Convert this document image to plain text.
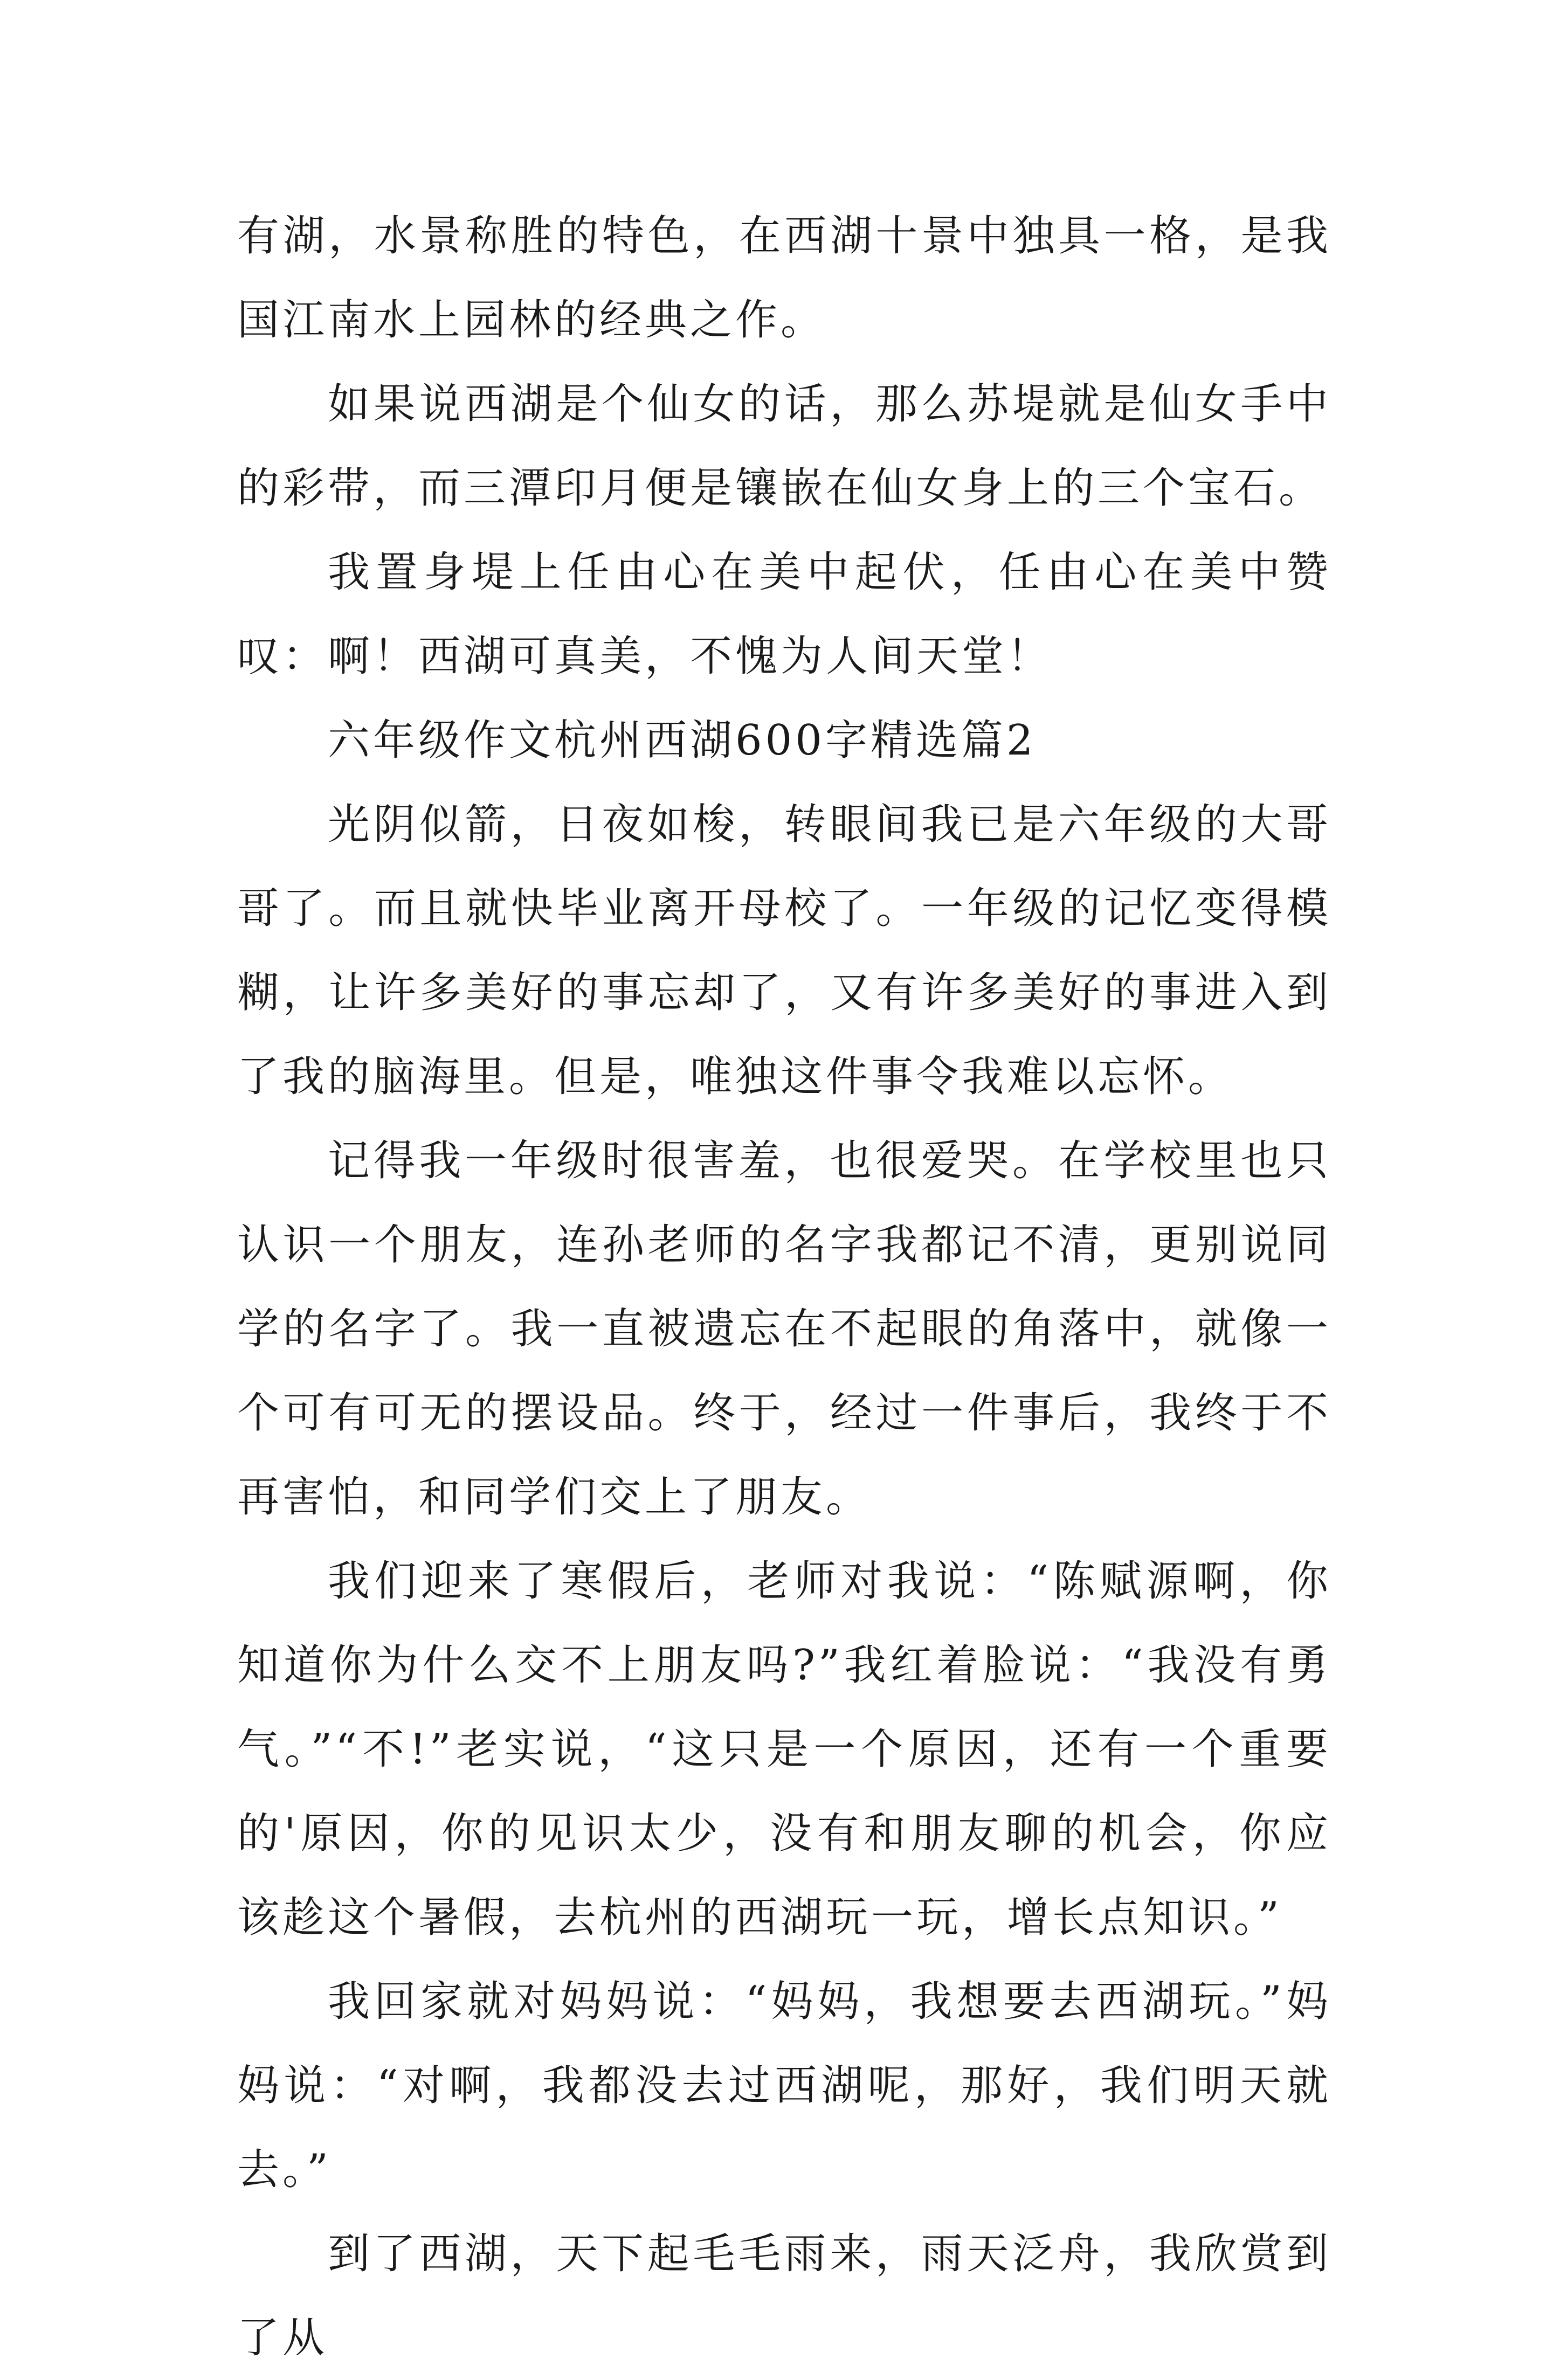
有湖，水景称胜的特色，在西湖十景中独具一格，是我国江南水上园林的经典之作。

如果说西湖是个仙女的话，那么苏堤就是仙女手中的彩带，而三潭印月便是镶嵌在仙女身上的三个宝石。

我置身堤上任由心在美中起伏，任由心在美中赞叹：啊！西湖可真美，不愧为人间天堂！

六年级作文杭州西湖600字精选篇2

光阴似箭，日夜如梭，转眼间我已是六年级的大哥哥了。而且就快毕业离开母校了。一年级的记忆变得模糊，让许多美好的事忘却了，又有许多美好的事进入到了我的脑海里。但是，唯独这件事令我难以忘怀。

记得我一年级时很害羞，也很爱哭。在学校里也只认识一个朋友，连孙老师的名字我都记不清，更别说同学的名字了。我一直被遗忘在不起眼的角落中，就像一个可有可无的摆设品。终于，经过一件事后，我终于不再害怕，和同学们交上了朋友。

我们迎来了寒假后，老师对我说：“陈赋源啊，你知道你为什么交不上朋友吗?”我红着脸说：“我没有勇气。”“不!”老实说，“这只是一个原因，还有一个重要的'原因，你的见识太少，没有和朋友聊的机会，你应该趁这个暑假，去杭州的西湖玩一玩，增长点知识。”

我回家就对妈妈说：“妈妈，我想要去西湖玩。”妈妈说：“对啊，我都没去过西湖呢，那好，我们明天就去。”

到了西湖，天下起毛毛雨来，雨天泛舟，我欣赏到了从
